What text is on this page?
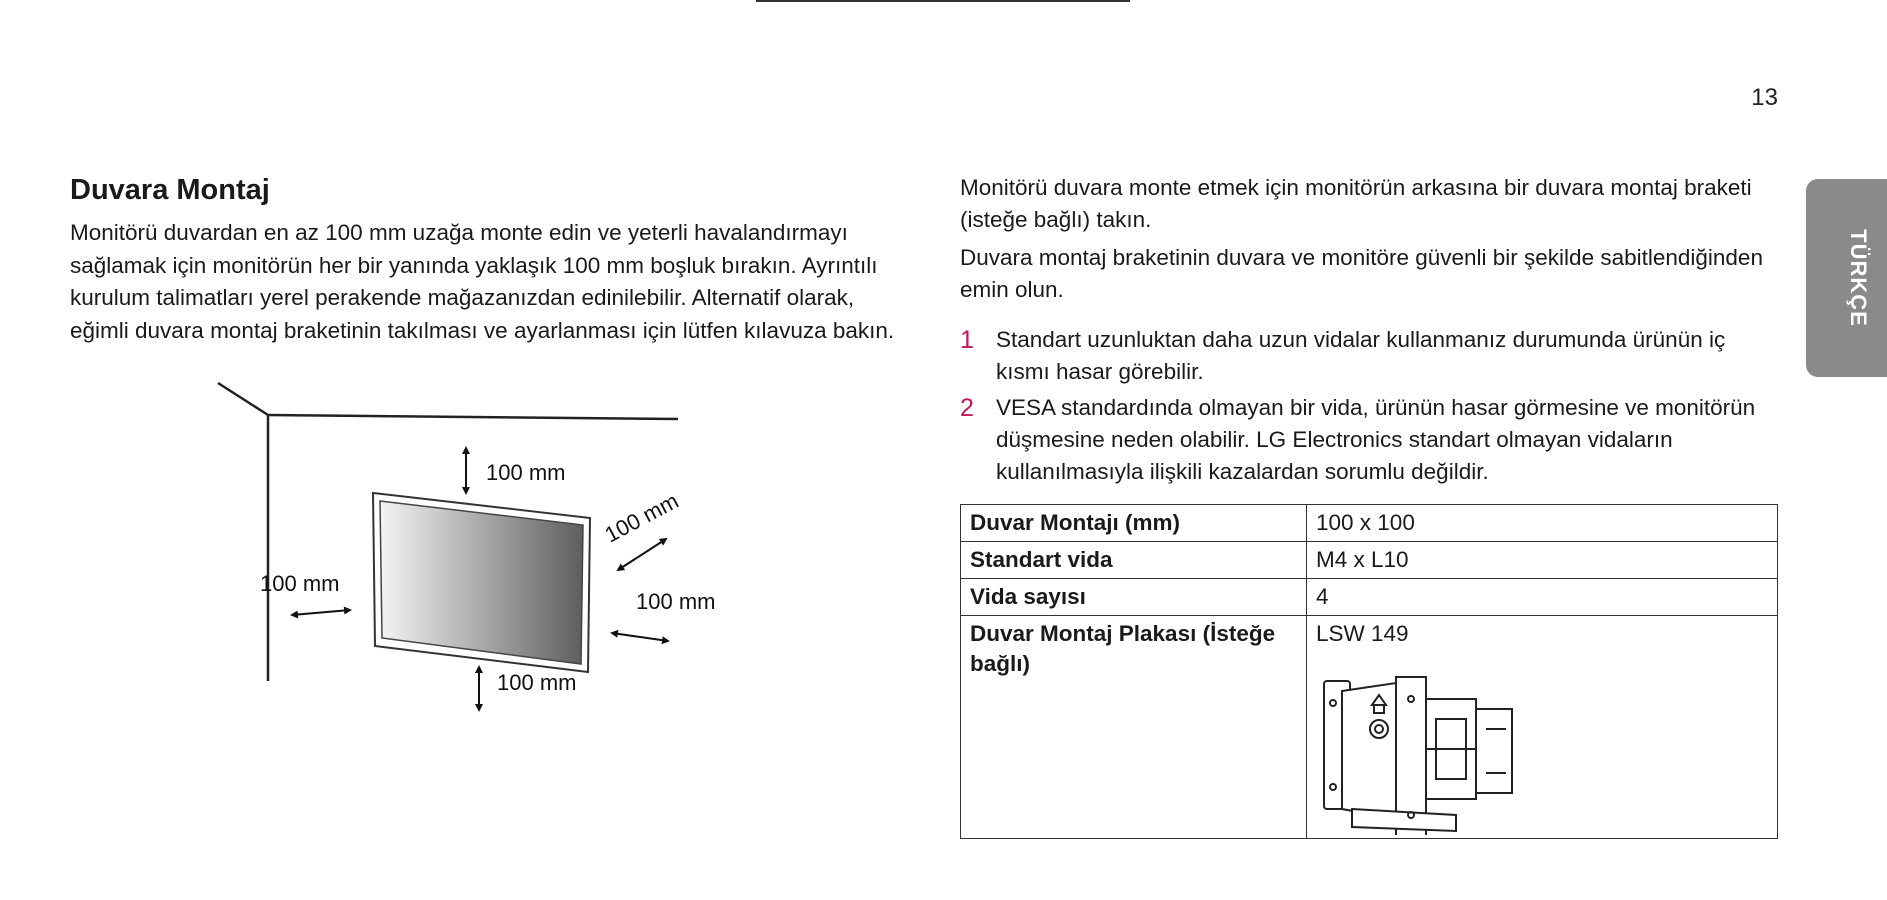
13
TÜRKÇE
Duvara Montaj

Monitörü duvardan en az 100 mm uzağa monte edin ve yeterli havalandırmayı sağlamak için monitörün her bir yanında yaklaşık 100 mm boşluk bırakın. Ayrıntılı kurulum talimatları yerel perakende mağazanızdan edinilebilir. Alternatif olarak, eğimli duvara montaj braketinin takılması ve ayarlanması için lütfen kılavuza bakın.

100 mm
100 mm
100 mm
100 mm
100 mm

Monitörü duvara monte etmek için monitörün arkasına bir duvara montaj braketi (isteğe bağlı) takın.

Duvara montaj braketinin duvara ve monitöre güvenli bir şekilde sabitlendiğinden emin olun.

1 Standart uzunluktan daha uzun vidalar kullanmanız durumunda ürünün iç kısmı hasar görebilir.
2 VESA standardında olmayan bir vida, ürünün hasar görmesine ve monitörün düşmesine neden olabilir. LG Electronics standart olmayan vidaların kullanılmasıyla ilişkili kazalardan sorumlu değildir.
Duvar Montajı (mm)	100 x 100
Standart vida	M4 x L10
Vida sayısı	4
Duvar Montaj Plakası (İsteğe bağlı)	LSW 149
